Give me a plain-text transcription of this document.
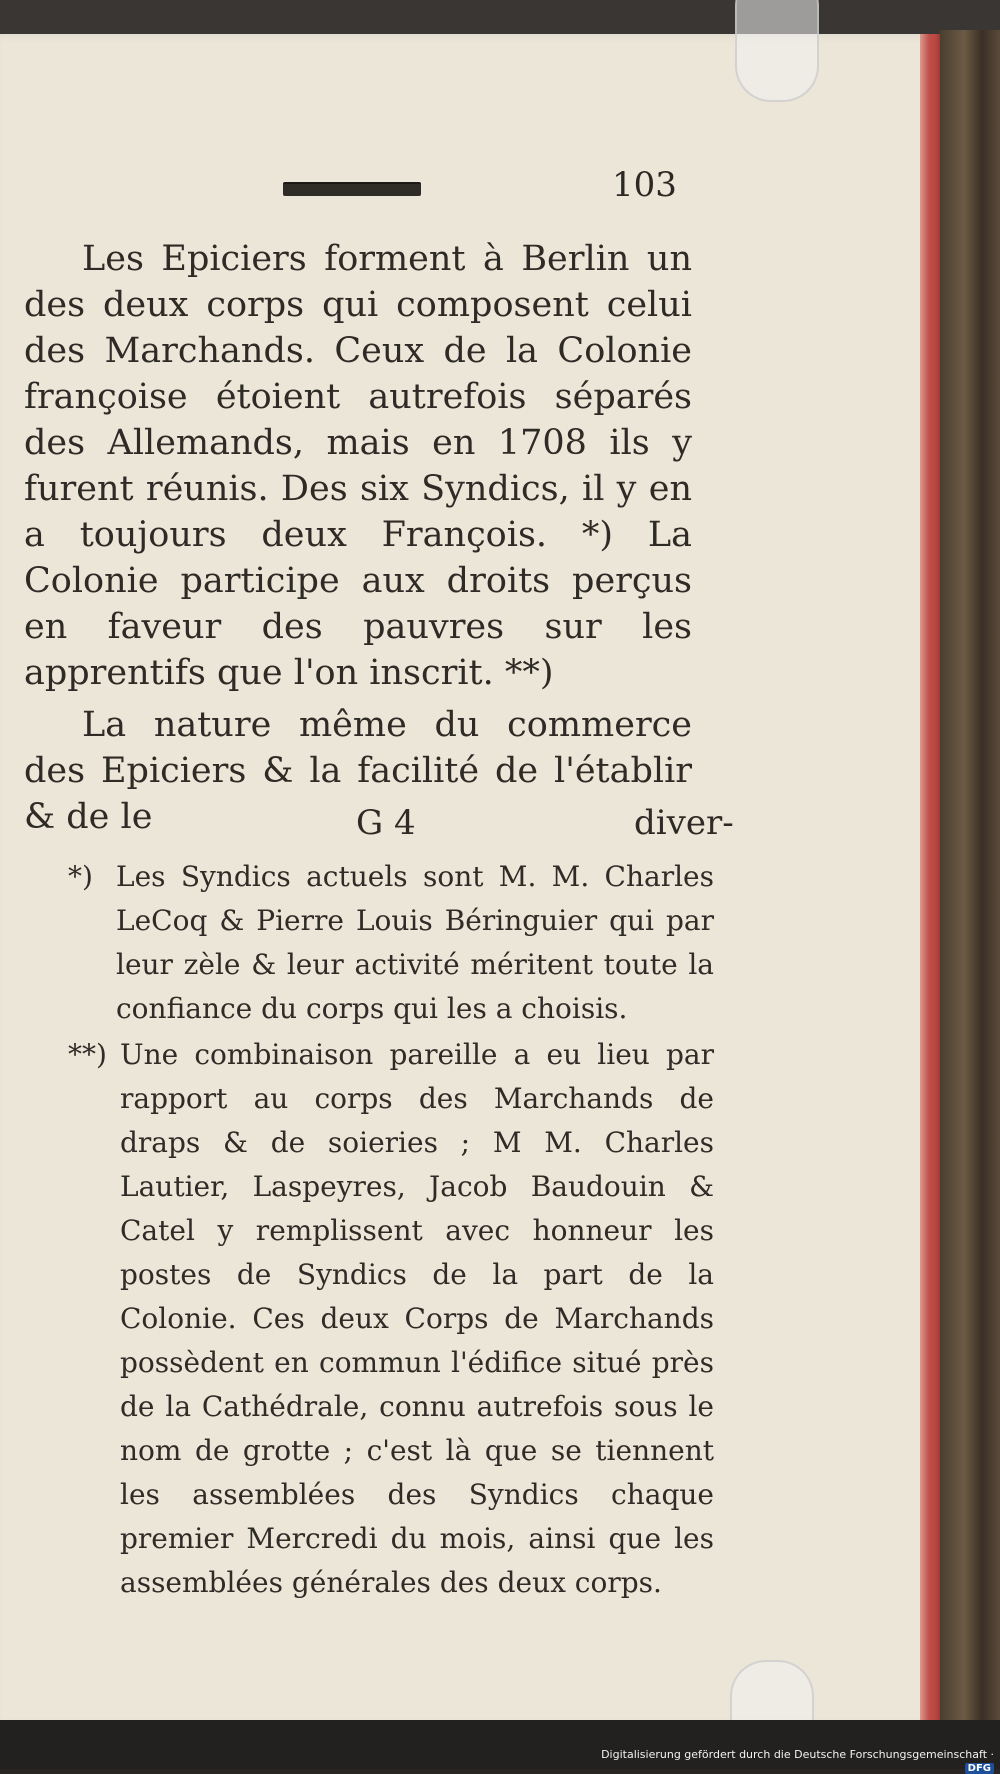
103

Les Epiciers forment à Berlin un des deux corps qui composent celui des Marchands. Ceux de la Colonie françoise étoient autrefois séparés des Allemands, mais en 1708 ils y furent réunis. Des six Syndics, il y en a toujours deux François. *) La Colonie participe aux droits perçus en faveur des pauvres sur les apprentifs que l'on inscrit. **)

La nature même du commerce des Epiciers & la facilité de l'établir & de le	G 4	diver-

*) Les Syndics actuels sont M. M. Charles LeCoq & Pierre Louis Béringuier qui par leur zèle & leur activité méritent toute la confiance du corps qui les a choisis.

**) Une combinaison pareille a eu lieu par rapport au corps des Marchands de draps & de soieries ; M M. Charles Lautier, Laspeyres, Jacob Baudouin & Catel y remplissent avec honneur les postes de Syndics de la part de la Colonie. Ces deux Corps de Marchands possèdent en commun l'édifice situé près de la Cathédrale, connu autrefois sous le nom de grotte ; c'est là que se tiennent les assemblées des Syndics chaque premier Mercredi du mois, ainsi que les assemblées générales des deux corps.

Digitalisierung gefördert durch die Deutsche Forschungsgemeinschaft ·DFG
